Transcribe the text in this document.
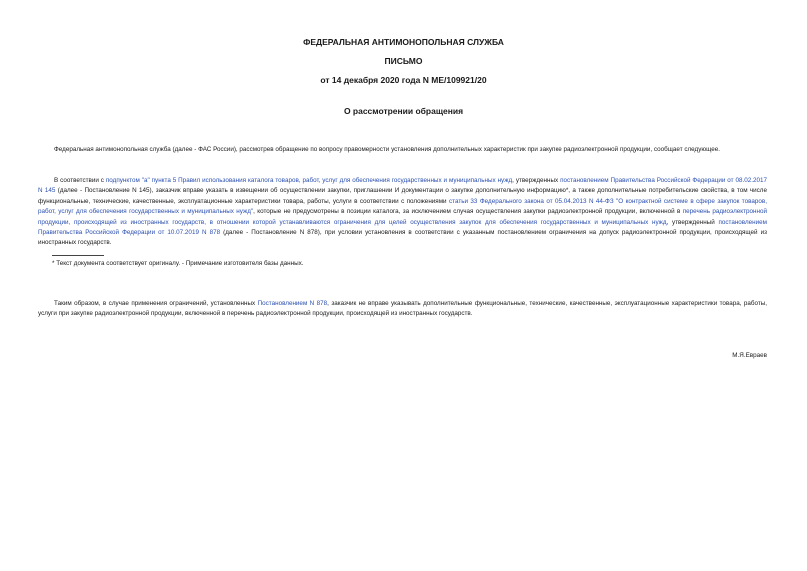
ФЕДЕРАЛЬНАЯ АНТИМОНОПОЛЬНАЯ СЛУЖБА
ПИСЬМО
от 14 декабря 2020 года N МЕ/109921/20
О рассмотрении обращения
Федеральная антимонопольная служба (далее - ФАС России), рассмотрев обращение по вопросу правомерности установления дополнительных характеристик при закупке радиоэлектронной продукции, сообщает следующее.
В соответствии с подпунктом "а" пункта 5 Правил использования каталога товаров, работ, услуг для обеспечения государственных и муниципальных нужд, утвержденных постановлением Правительства Российской Федерации от 08.02.2017 N 145 (далее - Постановление N 145), заказчик вправе указать в извещении об осуществлении закупки, приглашении И документации о закупке дополнительную информацию*, а также дополнительные потребительские свойства, в том числе функциональные, технические, качественные, эксплуатационные характеристики товара, работы, услуги в соответствии с положениями статьи 33 Федерального закона от 05.04.2013 N 44-ФЗ "О контрактной системе в сфере закупок товаров, работ, услуг для обеспечения государственных и муниципальных нужд", которые не предусмотрены в позиции каталога, за исключением случая осуществления закупки радиоэлектронной продукции, включенной в перечень радиоэлектронной продукции, происходящей из иностранных государств, в отношении которой устанавливаются ограничения для целей осуществления закупок для обеспечения государственных и муниципальных нужд, утвержденный постановлением Правительства Российской Федерации от 10.07.2019 N 878 (далее - Постановление N 878), при условии установления в соответствии с указанным постановлением ограничения на допуск радиоэлектронной продукции, происходящей из иностранных государств.
* Текст документа соответствует оригиналу. - Примечание изготовителя базы данных.
Таким образом, в случае применения ограничений, установленных Постановлением N 878, заказчик не вправе указывать дополнительные функциональные, технические, качественные, эксплуатационные характеристики товара, работы, услуги при закупке радиоэлектронной продукции, включенной в перечень радиоэлектронной продукции, происходящей из иностранных государств.
М.Я.Евраев
